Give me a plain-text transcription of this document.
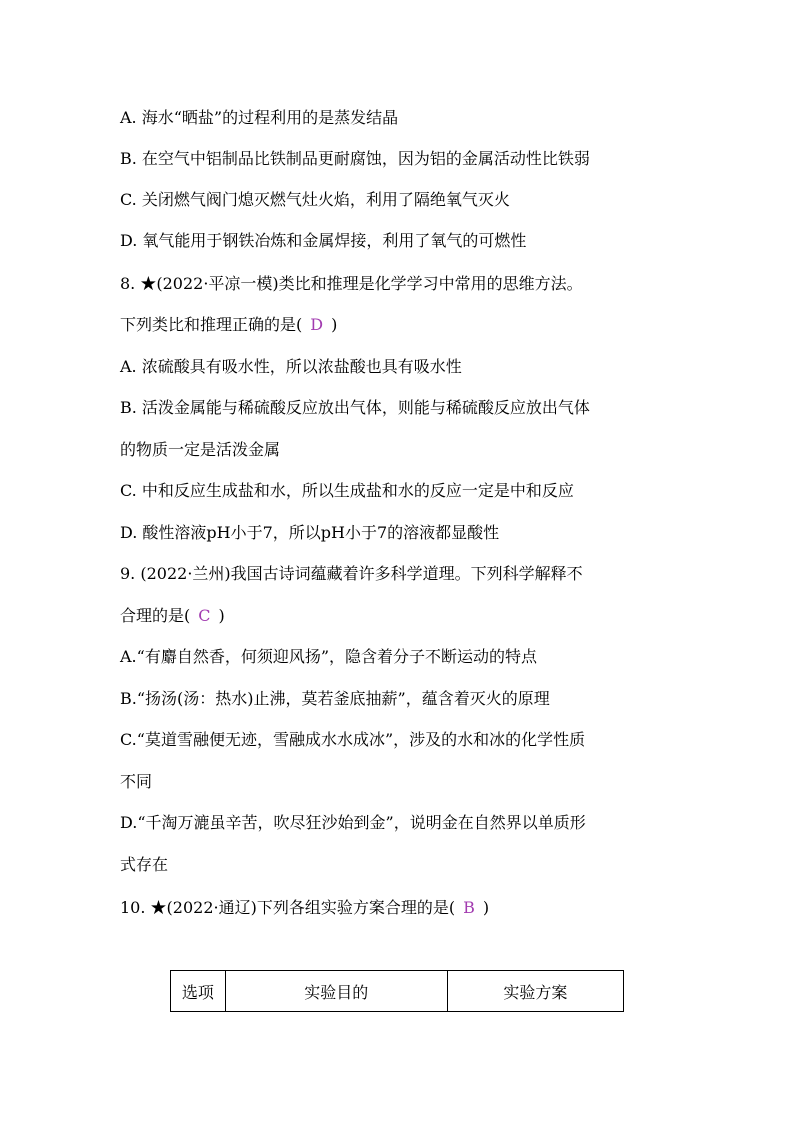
A. 海水“晒盐”的过程利用的是蒸发结晶
B. 在空气中铝制品比铁制品更耐腐蚀，因为铝的金属活动性比铁弱
C. 关闭燃气阀门熄灭燃气灶火焰，利用了隔绝氧气灭火
D. 氧气能用于钢铁冶炼和金属焊接，利用了氧气的可燃性
8. ★(2022·平凉一模)类比和推理是化学学习中常用的思维方法。
下列类比和推理正确的是( D )
A. 浓硫酸具有吸水性，所以浓盐酸也具有吸水性
B. 活泼金属能与稀硫酸反应放出气体，则能与稀硫酸反应放出气体
的物质一定是活泼金属
C. 中和反应生成盐和水，所以生成盐和水的反应一定是中和反应
D. 酸性溶液pH小于7，所以pH小于7的溶液都显酸性
9. (2022·兰州)我国古诗词蕴藏着许多科学道理。下列科学解释不
合理的是( C )
A.“有麝自然香，何须迎风扬”，隐含着分子不断运动的特点
B.“扬汤(汤：热水)止沸，莫若釜底抽薪”，蕴含着灭火的原理
C.“莫道雪融便无迹，雪融成水水成冰”，涉及的水和冰的化学性质
不同
D.“千淘万漉虽辛苦，吹尽狂沙始到金”，说明金在自然界以单质形
式存在
10. ★(2022·通辽)下列各组实验方案合理的是( B )
选项	实验目的	实验方案
